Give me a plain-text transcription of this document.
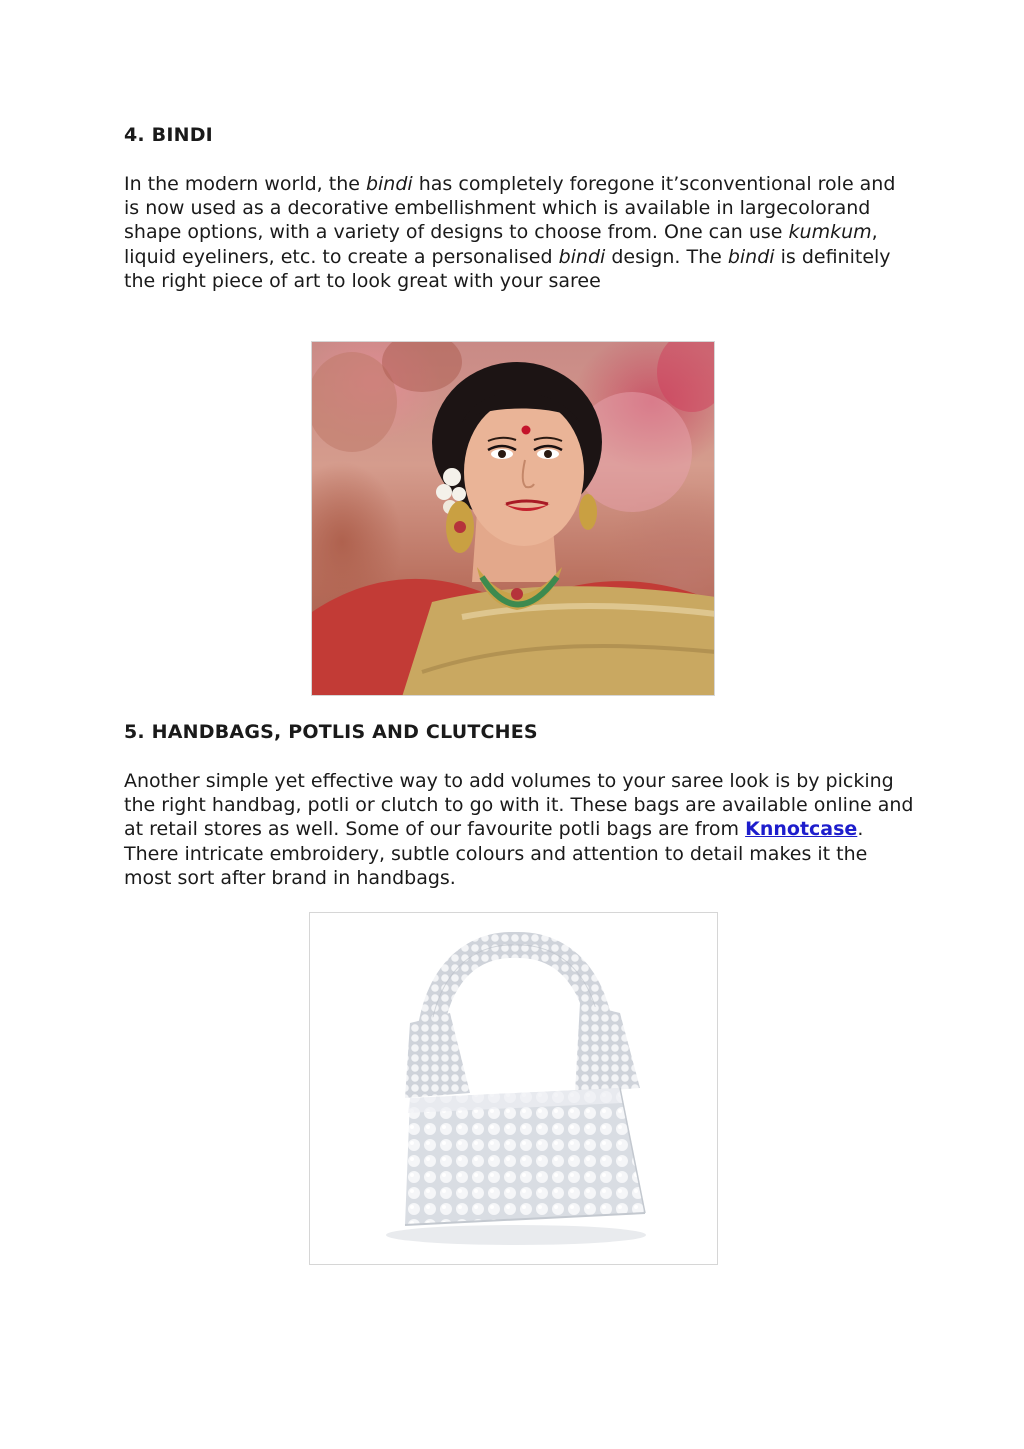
4. BINDI

In the modern world, the bindi has completely foregone it’sconventional role and is now used as a decorative embellishment which is available in largecolorand shape options, with a variety of designs to choose from. One can use kumkum, liquid eyeliners, etc. to create a personalised bindi design. The bindi is definitely the right piece of art to look great with your saree

5. HANDBAGS, POTLIS AND CLUTCHES

Another simple yet effective way to add volumes to your saree look is by picking the right handbag, potli or clutch to go with it. These bags are available online and at retail stores as well. Some of our favourite potli bags are from Knnotcase. There intricate embroidery, subtle colours and attention to detail makes it the most sort after brand in handbags.
